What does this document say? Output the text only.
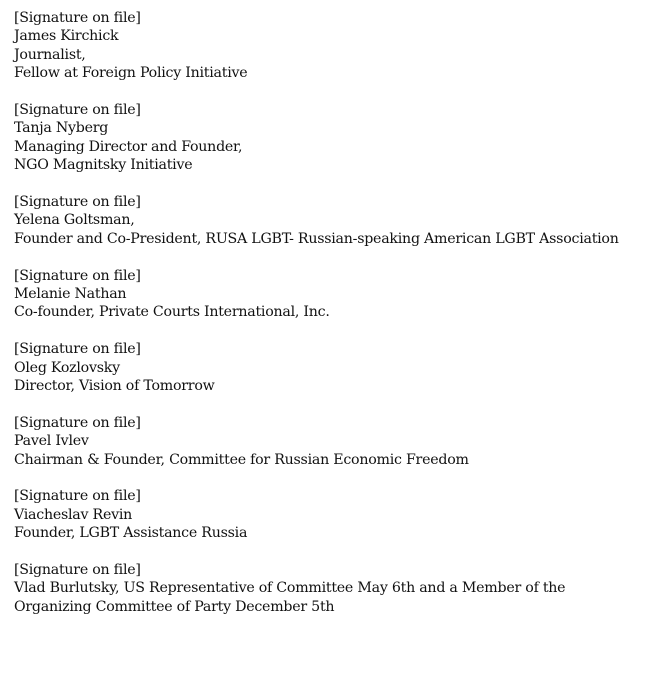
[Signature on file]
James Kirchick
Journalist,
Fellow at Foreign Policy Initiative
[Signature on file]
Tanja Nyberg
Managing Director and Founder,
NGO Magnitsky Initiative
[Signature on file]
Yelena Goltsman,
Founder and Co-President, RUSA LGBT- Russian-speaking American LGBT Association
[Signature on file]
Melanie Nathan
Co-founder, Private Courts International, Inc.
[Signature on file]
Oleg Kozlovsky
Director, Vision of Tomorrow
[Signature on file]
Pavel Ivlev
Chairman & Founder, Committee for Russian Economic Freedom
[Signature on file]
Viacheslav Revin
Founder, LGBT Assistance Russia
[Signature on file]
Vlad Burlutsky, US Representative of Committee May 6th and a Member of the Organizing Committee of Party December 5th
